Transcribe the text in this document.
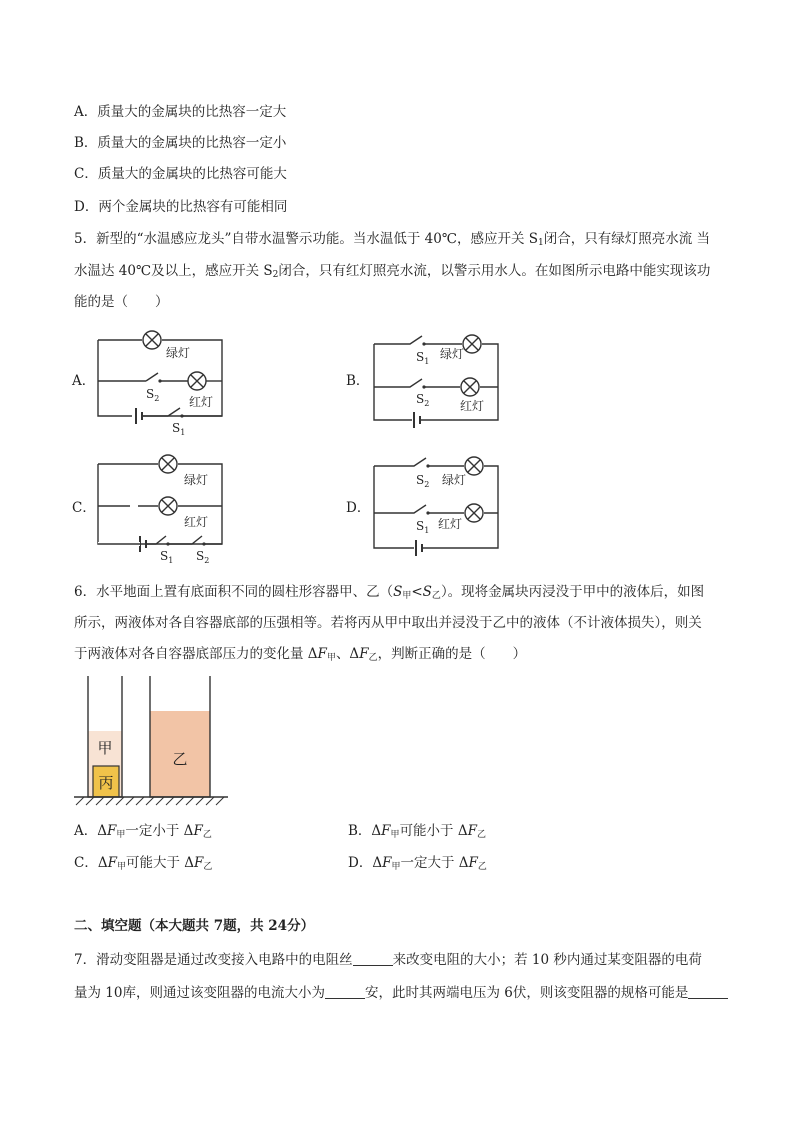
A．质量大的金属块的比热容一定大
B．质量大的金属块的比热容一定小
C．质量大的金属块的比热容可能大
D．两个金属块的比热容有可能相同
5．新型的“水温感应龙头”自带水温警示功能。当水温低于 40℃，感应开关 $S_1$闭合，只有绿灯照亮水流 当
水温达 40℃及以上，感应开关 $S_2$闭合，只有红灯照亮水流，以警示用水人。在如图所示电路中能实现该功
能的是（　　）
A．	B．
C．	D．
绿灯
红灯
$S_2$
$S_1$
$S_1$
绿灯
$S_2$	红灯
绿灯
红灯
$S_1$ $S_2$
$S_2$ 绿灯
$S_1$ 红灯
6．水平地面上置有底面积不同的圆柱形容器甲、乙$(S_甲<S_乙)$。现将金属块丙浸没于甲中的液体后，如图
所示，两液体对各自容器底部的压强相等。若将丙从甲中取出并浸没于乙中的液体（不计液体损失），则关
于两液体对各自容器底部压力的变化量 $\Delta F_甲$、$\Delta F_乙$，判断正确的是（　　）
甲
丙
乙
A．$\Delta F_甲$一定小于 $\Delta F_乙$	B．$\Delta F_甲$可能小于 $\Delta F_乙$
C．$\Delta F_甲$可能大于 $\Delta F_乙$	D．$\Delta F_甲$一定大于 $\Delta F_乙$
二、填空题（本大题共 7题，共 24分）
7．滑动变阻器是通过改变接入电路中的电阻丝	来改变电阻的大小；若 10 秒内通过某变阻器的电荷
量为 10库，则通过该变阻器的电流大小为	安，此时其两端电压为 6伏，则该变阻器的规格可能是
